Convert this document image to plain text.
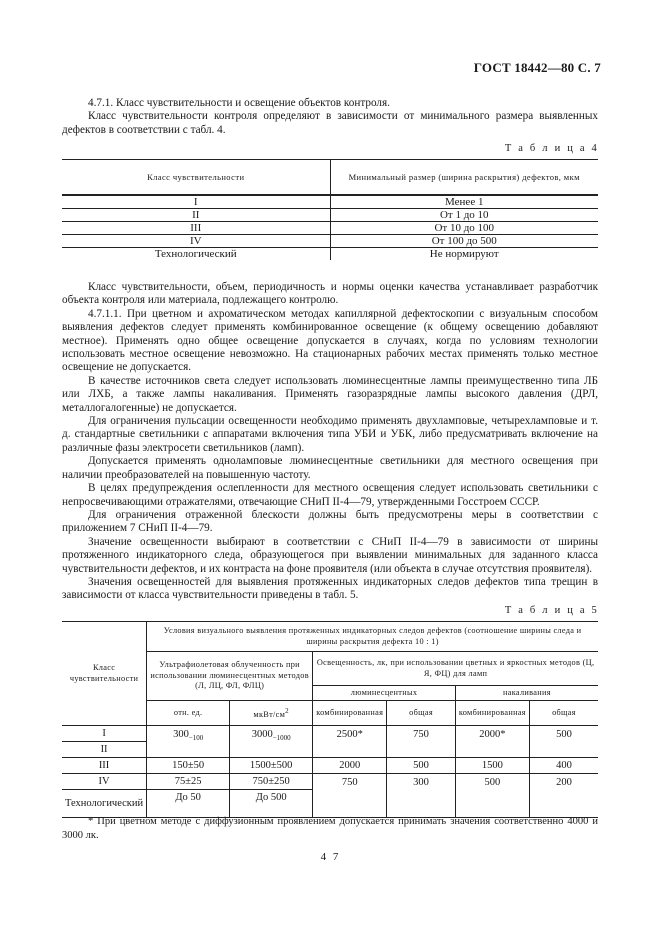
ГОСТ 18442—80 С. 7

4.7.1. Класс чувствительности и освещение объектов контроля.

Класс чувствительности контроля определяют в зависимости от минимального размера выявленных дефектов в соответствии с табл. 4.

Т а б л и ц а 4
Класс чувствительности	Минимальный размер (ширина раскрытия) дефектов, мкм
I	Менее 1
II	От 1 до 10
III	От 10 до 100
IV	От 100 до 500
Технологический	Не нормируют

Класс чувствительности, объем, периодичность и нормы оценки качества устанавливает разработчик объекта контроля или материала, подлежащего контролю.

4.7.1.1. При цветном и ахроматическом методах капиллярной дефектоскопии с визуальным способом выявления дефектов следует применять комбинированное освещение (к общему освещению добавляют местное). Применять одно общее освещение допускается в случаях, когда по условиям технологии использовать местное освещение невозможно. На стационарных рабочих местах применять только местное освещение не допускается.

В качестве источников света следует использовать люминесцентные лампы преимущественно типа ЛБ или ЛХБ, а также лампы накаливания. Применять газоразрядные лампы высокого давления (ДРЛ, металлогалогенные) не допускается.

Для ограничения пульсации освещенности необходимо применять двухламповые, четырехламповые и т. д. стандартные светильники с аппаратами включения типа УБИ и УБК, либо предусматривать включение на различные фазы электросети светильников (ламп).

Допускается применять одноламповые люминесцентные светильники для местного освещения при наличии преобразователей на повышенную частоту.

В целях предупреждения ослепленности для местного освещения следует использовать светильники с непросвечивающими отражателями, отвечающие СНиП II-4—79, утвержденными Госстроем СССР.

Для ограничения отраженной блескости должны быть предусмотрены меры в соответствии с приложением 7 СНиП II-4—79.

Значение освещенности выбирают в соответствии с СНиП II-4—79 в зависимости от ширины протяженного индикаторного следа, образующегося при выявлении минимальных для заданного класса чувствительности дефектов, и их контраста на фоне проявителя (или объекта в случае отсутствия проявителя).

Значения освещенностей для выявления протяженных индикаторных следов дефектов типа трещин в зависимости от класса чувствительности приведены в табл. 5.

Т а б л и ц а 5
Класс чувствительности	Условия визуального выявления протяженных индикаторных следов дефектов (соотношение ширины следа и ширины раскрытия дефекта 10 : 1)					
	Ультрафиолетовая облученность при использовании люминесцентных методов (Л, ЛЦ, ФЛ, ФЛЦ)		Освещенность, лк, при использовании цветных и яркостных методов (Ц, Я, ФЦ) для ламп			
			люминесцентных		накаливания	
	отн. ед.	мкВт/$см^2$	комбинированная	общая	комбинированная	общая
I	$300_{-100}$	$3000_{-1000}$	2500*	750	2000*	500
II						
III	150±50	1500±500	2000	500	1500	400
IV	75±25	750±250	750	300	500	200
Технологический	До 50	До 500				

* При цветном методе с диффузионным проявлением допускается принимать значения соответственно 4000 и 3000 лк.

4 7
